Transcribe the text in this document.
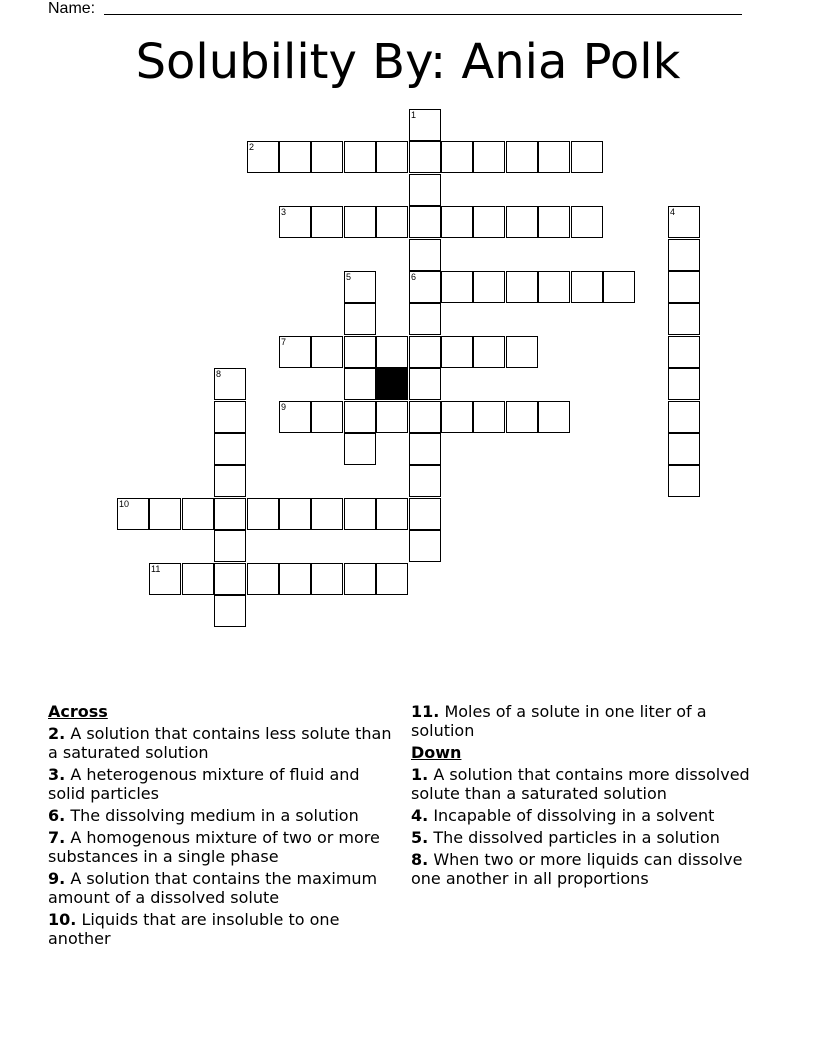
Name:
Solubility By: Ania Polk
2
3
6
7
9
10
11
1
4
5
8
Across
2. A solution that contains less solute than a saturated solution
3. A heterogenous mixture of fluid and solid particles
6. The dissolving medium in a solution
7. A homogenous mixture of two or more substances in a single phase
9. A solution that contains the maximum amount of a dissolved solute
10. Liquids that are insoluble to one another
11. Moles of a solute in one liter of a solution
Down
1. A solution that contains more dissolved solute than a saturated solution
4. Incapable of dissolving in a solvent
5. The dissolved particles in a solution
8. When two or more liquids can dissolve one another in all proportions
